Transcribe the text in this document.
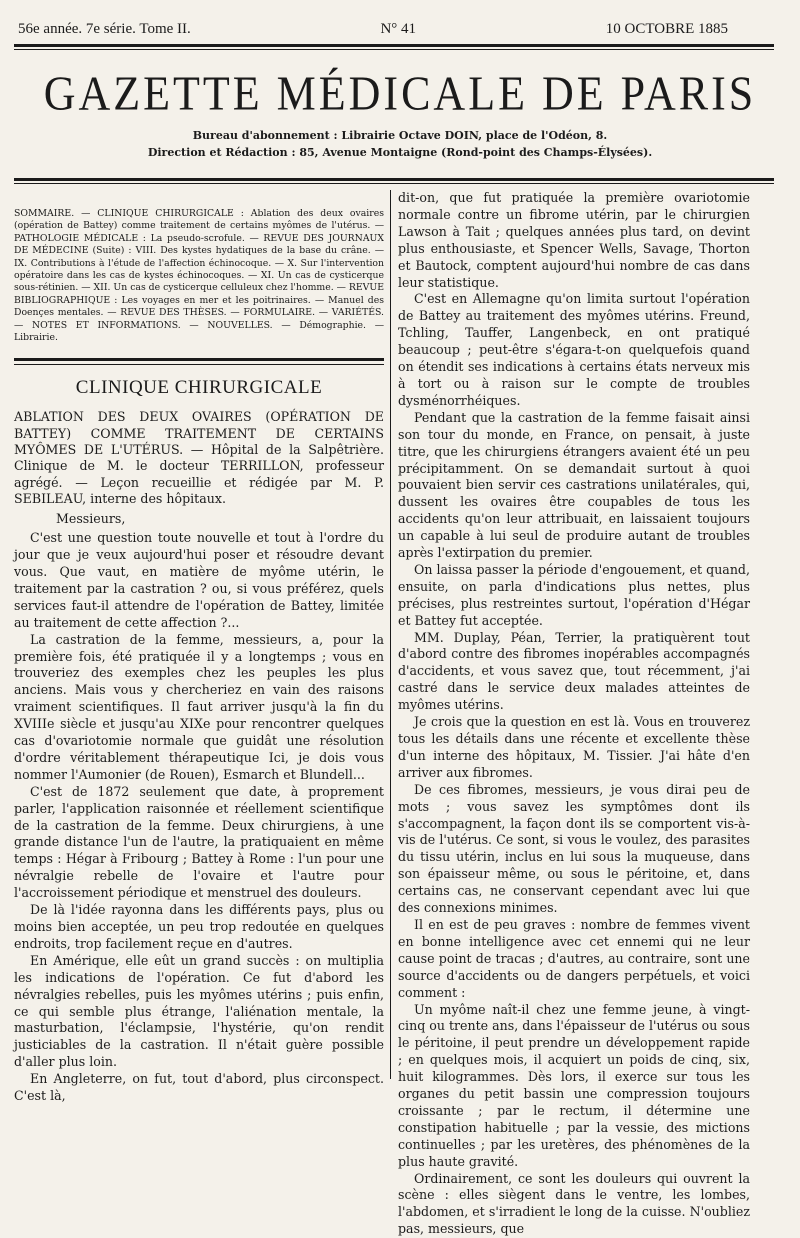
56e année. 7e série. Tome II.	N° 41	10 OCTOBRE 1885
GAZETTE MÉDICALE DE PARIS
Bureau d'abonnement : Librairie Octave DOIN, place de l'Odéon, 8.
Direction et Rédaction : 85, Avenue Montaigne (Rond-point des Champs-Élysées).
SOMMAIRE. — CLINIQUE CHIRURGICALE : Ablation des deux ovaires (opération de Battey) comme traitement de certains myômes de l'utérus. — PATHOLOGIE MÉDICALE : La pseudo-scrofule. — REVUE DES JOURNAUX DE MÉDECINE (Suite) : VIII. Des kystes hydatiques de la base du crâne. — IX. Contributions à l'étude de l'affection échinocoque. — X. Sur l'intervention opératoire dans les cas de kystes échinocoques. — XI. Un cas de cysticerque sous-rétinien. — XII. Un cas de cysticerque celluleux chez l'homme. — REVUE BIBLIOGRAPHIQUE : Les voyages en mer et les poitrinaires. — Manuel des Doençes mentales. — REVUE DES THÈSES. — FORMULAIRE. — VARIÉTÉS. — NOTES ET INFORMATIONS. — NOUVELLES. — Démographie. — Librairie.
CLINIQUE CHIRURGICALE
ABLATION DES DEUX OVAIRES (OPÉRATION DE BATTEY) COMME TRAITEMENT DE CERTAINS MYÔMES DE L'UTÉRUS. — Hôpital de la Salpêtrière. Clinique de M. le docteur TERRILLON, professeur agrégé. — Leçon recueillie et rédigée par M. P. SEBILEAU, interne des hôpitaux.

Messieurs,

C'est une question toute nouvelle et tout à l'ordre du jour que je veux aujourd'hui poser et résoudre devant vous. Que vaut, en matière de myôme utérin, le traitement par la castration ? ou, si vous préférez, quels services faut-il attendre de l'opération de Battey, limitée au traitement de cette affection ?...

La castration de la femme, messieurs, a, pour la première fois, été pratiquée il y a longtemps ; vous en trouveriez des exemples chez les peuples les plus anciens. Mais vous y chercheriez en vain des raisons vraiment scientifiques. Il faut arriver jusqu'à la fin du XVIIIe siècle et jusqu'au XIXe pour rencontrer quelques cas d'ovariotomie normale que guidât une résolution d'ordre véritablement thérapeutique Ici, je dois vous nommer l'Aumonier (de Rouen), Esmarch et Blundell...

C'est de 1872 seulement que date, à proprement parler, l'application raisonnée et réellement scientifique de la castration de la femme. Deux chirurgiens, à une grande distance l'un de l'autre, la pratiquaient en même temps : Hégar à Fribourg ; Battey à Rome : l'un pour une névralgie rebelle de l'ovaire et l'autre pour l'accroissement périodique et menstruel des douleurs.

De là l'idée rayonna dans les différents pays, plus ou moins bien acceptée, un peu trop redoutée en quelques endroits, trop facilement reçue en d'autres.

En Amérique, elle eût un grand succès : on multiplia les indications de l'opération. Ce fut d'abord les névralgies rebelles, puis les myômes utérins ; puis enfin, ce qui semble plus étrange, l'aliénation mentale, la masturbation, l'éclampsie, l'hystérie, qu'on rendit justiciables de la castration. Il n'était guère possible d'aller plus loin.

En Angleterre, on fut, tout d'abord, plus circonspect. C'est là,

dit-on, que fut pratiquée la première ovariotomie normale contre un fibrome utérin, par le chirurgien Lawson à Tait ; quelques années plus tard, on devint plus enthousiaste, et Spencer Wells, Savage, Thorton et Bautock, comptent aujourd'hui nombre de cas dans leur statistique.

C'est en Allemagne qu'on limita surtout l'opération de Battey au traitement des myômes utérins. Freund, Tchling, Tauffer, Langenbeck, en ont pratiqué beaucoup ; peut-être s'égara-t-on quelquefois quand on étendit ses indications à certains états nerveux mis à tort ou à raison sur le compte de troubles dysménorrhéiques.

Pendant que la castration de la femme faisait ainsi son tour du monde, en France, on pensait, à juste titre, que les chirurgiens étrangers avaient été un peu précipitamment. On se demandait surtout à quoi pouvaient bien servir ces castrations unilatérales, qui, dussent les ovaires être coupables de tous les accidents qu'on leur attribuait, en laissaient toujours un capable à lui seul de produire autant de troubles après l'extirpation du premier.

On laissa passer la période d'engouement, et quand, ensuite, on parla d'indications plus nettes, plus précises, plus restreintes surtout, l'opération d'Hégar et Battey fut acceptée.

MM. Duplay, Péan, Terrier, la pratiquèrent tout d'abord contre des fibromes inopérables accompagnés d'accidents, et vous savez que, tout récemment, j'ai castré dans le service deux malades atteintes de myômes utérins.

Je crois que la question en est là. Vous en trouverez tous les détails dans une récente et excellente thèse d'un interne des hôpitaux, M. Tissier. J'ai hâte d'en arriver aux fibromes.

De ces fibromes, messieurs, je vous dirai peu de mots ; vous savez les symptômes dont ils s'accompagnent, la façon dont ils se comportent vis-à-vis de l'utérus. Ce sont, si vous le voulez, des parasites du tissu utérin, inclus en lui sous la muqueuse, dans son épaisseur même, ou sous le péritoine, et, dans certains cas, ne conservant cependant avec lui que des connexions minimes.

Il en est de peu graves : nombre de femmes vivent en bonne intelligence avec cet ennemi qui ne leur cause point de tracas ; d'autres, au contraire, sont une source d'accidents ou de dangers perpétuels, et voici comment :

Un myôme naît-il chez une femme jeune, à vingt-cinq ou trente ans, dans l'épaisseur de l'utérus ou sous le péritoine, il peut prendre un développement rapide ; en quelques mois, il acquiert un poids de cinq, six, huit kilogrammes. Dès lors, il exerce sur tous les organes du petit bassin une compression toujours croissante ; par le rectum, il détermine une constipation habituelle ; par la vessie, des mictions continuelles ; par les uretères, des phénomènes de la plus haute gravité.

Ordinairement, ce sont les douleurs qui ouvrent la scène : elles siègent dans le ventre, les lombes, l'abdomen, et s'irradient le long de la cuisse. N'oubliez pas, messieurs, que
